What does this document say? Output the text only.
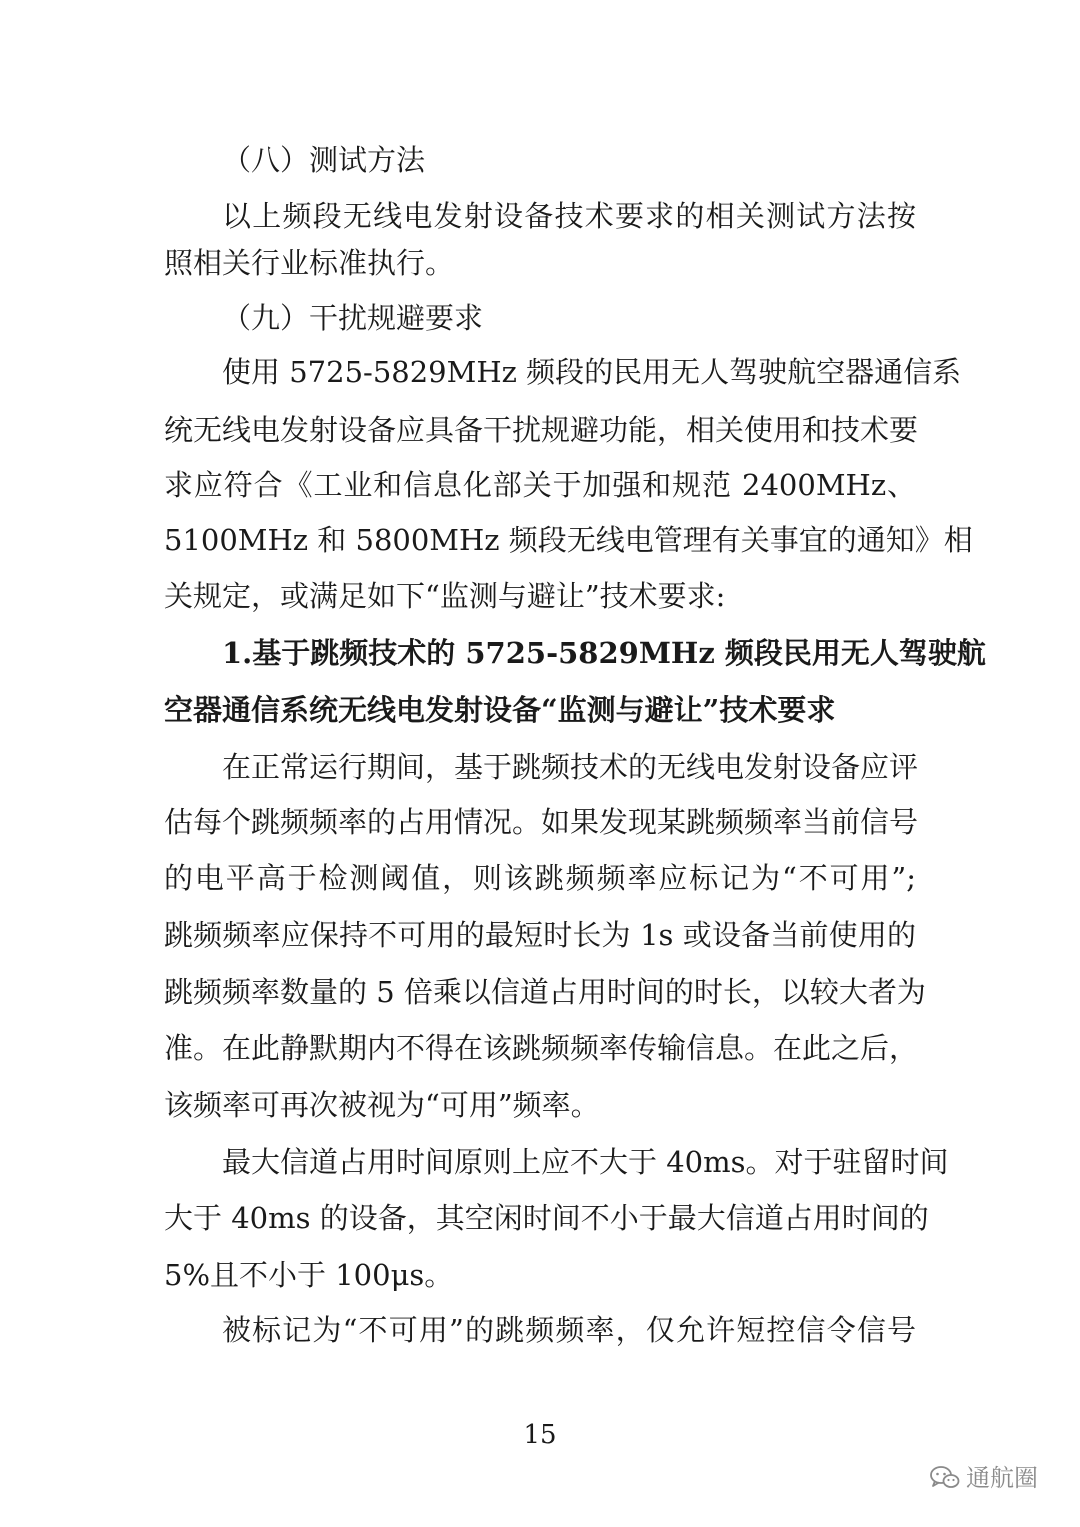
（八）测试方法
以上频段无线电发射设备技术要求的相关测试方法按
照相关行业标准执行。
（九）干扰规避要求
使用 5725-5829MHz 频段的民用无人驾驶航空器通信系
统无线电发射设备应具备干扰规避功能，相关使用和技术要
求应符合《工业和信息化部关于加强和规范 2400MHz、
5100MHz 和 5800MHz 频段无线电管理有关事宜的通知》相
关规定，或满足如下“监测与避让”技术要求:
1.基于跳频技术的 5725-5829MHz 频段民用无人驾驶航
空器通信系统无线电发射设备“监测与避让”技术要求
在正常运行期间，基于跳频技术的无线电发射设备应评
估每个跳频频率的占用情况。如果发现某跳频频率当前信号
的电平高于检测阈值，则该跳频频率应标记为“不可用”;
跳频频率应保持不可用的最短时长为 1s 或设备当前使用的
跳频频率数量的 5 倍乘以信道占用时间的时长，以较大者为
准。在此静默期内不得在该跳频频率传输信息。在此之后，
该频率可再次被视为“可用”频率。
最大信道占用时间原则上应不大于 40ms。对于驻留时间
大于 40ms 的设备，其空闲时间不小于最大信道占用时间的
5%且不小于 100μs。
被标记为“不可用”的跳频频率，仅允许短控信令信号
15
通航圈
